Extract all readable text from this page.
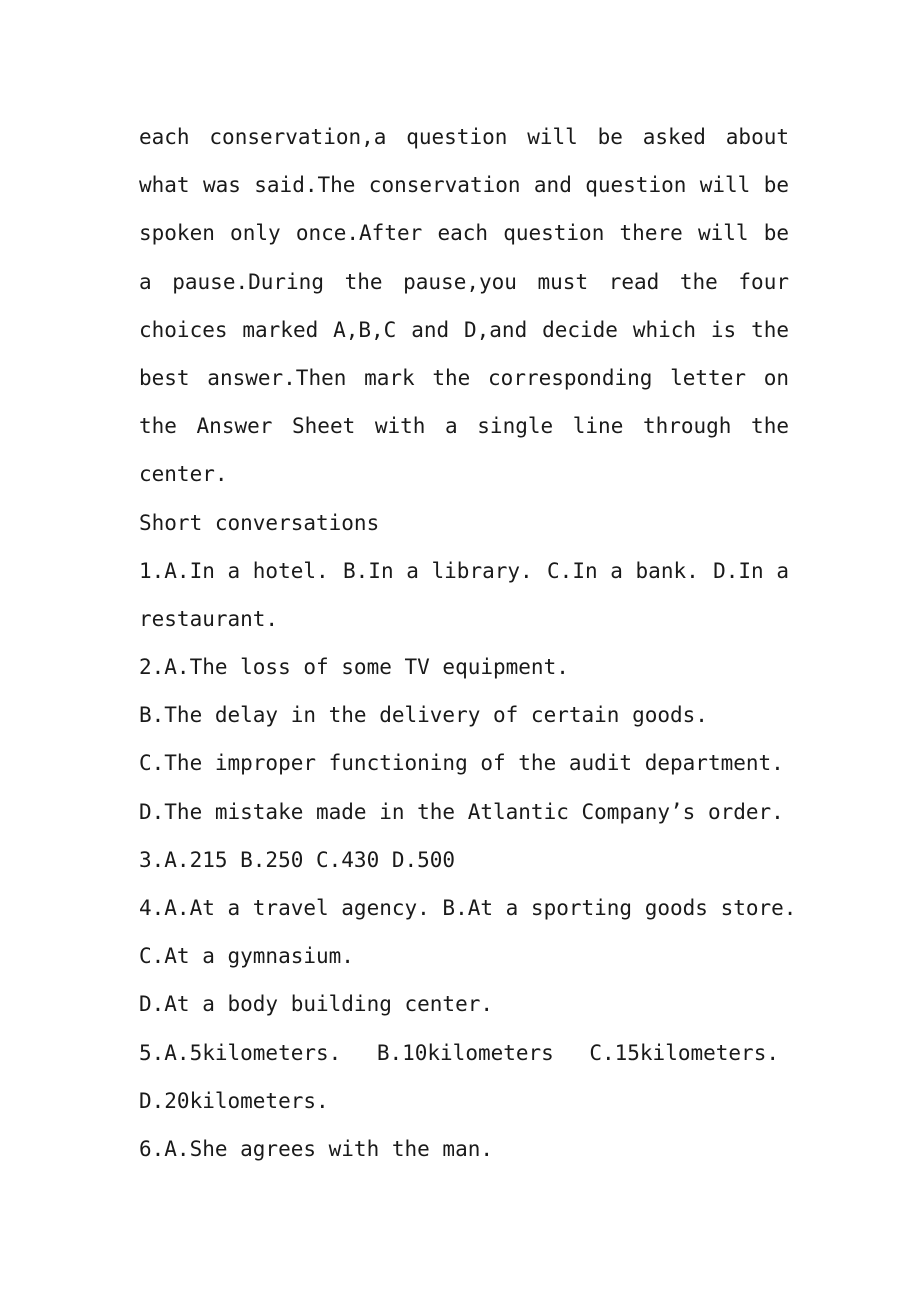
each conservation,a question will be asked about
what was said.The conservation and question will be
spoken only once.After each question there will be
a pause.During the pause,you must read the four
choices marked A,B,C and D,and decide which is the
best answer.Then mark the corresponding letter on
the Answer Sheet with a single line through the
center.
Short conversations
1.A.In a hotel. B.In a library. C.In a bank. D.In a
restaurant.
2.A.The loss of some TV equipment.
B.The delay in the delivery of certain goods.
C.The improper functioning of the audit department.
D.The mistake made in the Atlantic Company’s order.
3.A.215 B.250 C.430 D.500
4.A.At a travel agency. B.At a sporting goods store.
C.At a gymnasium.
D.At a body building center.
5.A.5kilometers. B.10kilometers C.15kilometers.
D.20kilometers.
6.A.She agrees with the man.
